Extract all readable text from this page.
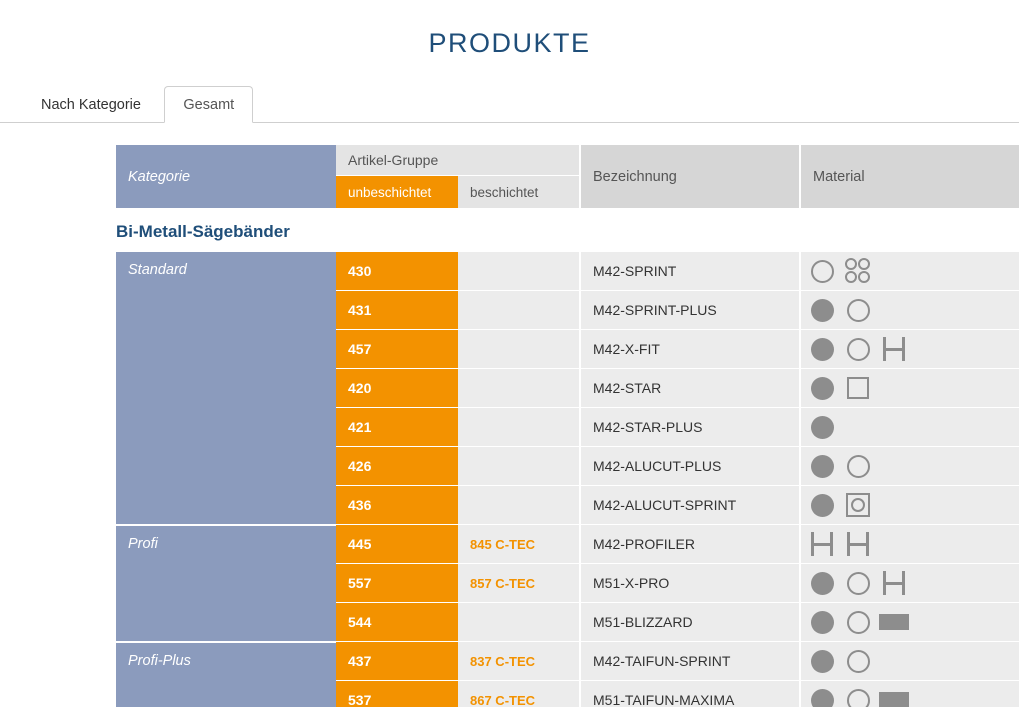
PRODUKTE
Nach Kategorie	Gesamt
Kategorie	Artikel-Gruppe		Bezeichnung	Material
	unbeschichtet	beschichtet		
Bi-Metall-Sägebänder				
Standard	430		M42-SPRINT	

	431		M42-SPRINT-PLUS	

	457		M42-X-FIT	

	420		M42-STAR	

	421		M42-STAR-PLUS	

	426		M42-ALUCUT-PLUS	

	436		M42-ALUCUT-SPRINT	

Profi	445	845 C-TEC	M42-PROFILER	

	557	857 C-TEC	M51-X-PRO	

	544		M51-BLIZZARD	

Profi-Plus	437	837 C-TEC	M42-TAIFUN-SPRINT	

	537	867 C-TEC	M51-TAIFUN-MAXIMA	
